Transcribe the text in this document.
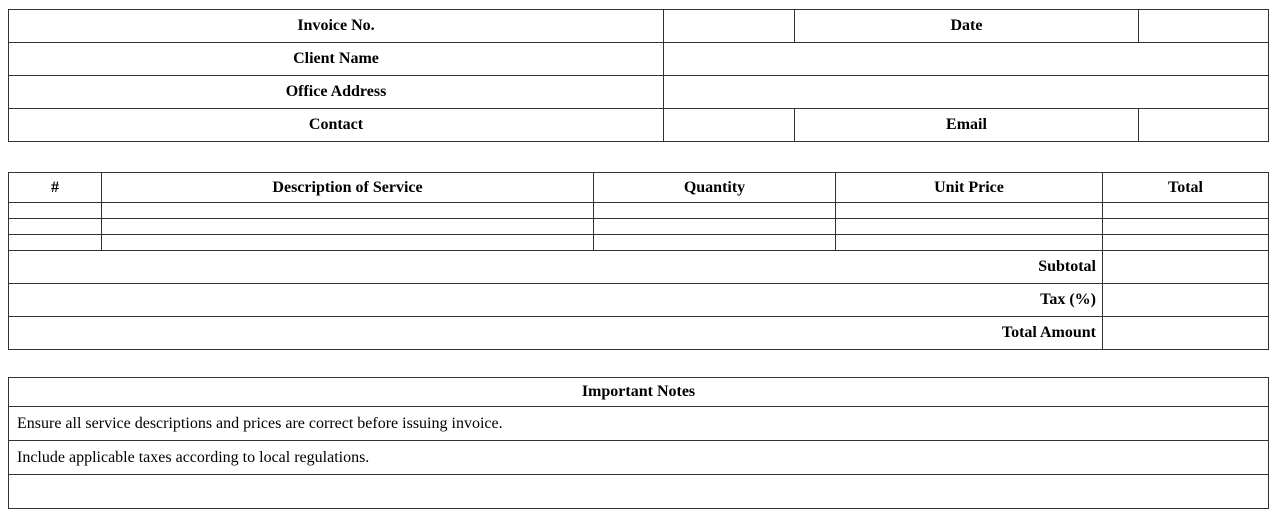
Invoice No.		Date	
Client Name			
Office Address			
Contact		Email	
#	Description of Service	Quantity	Unit Price	Total

Subtotal				
Tax (%)				
Total Amount				
Important Notes
Ensure all service descriptions and prices are correct before issuing invoice.
Include applicable taxes according to local regulations.
